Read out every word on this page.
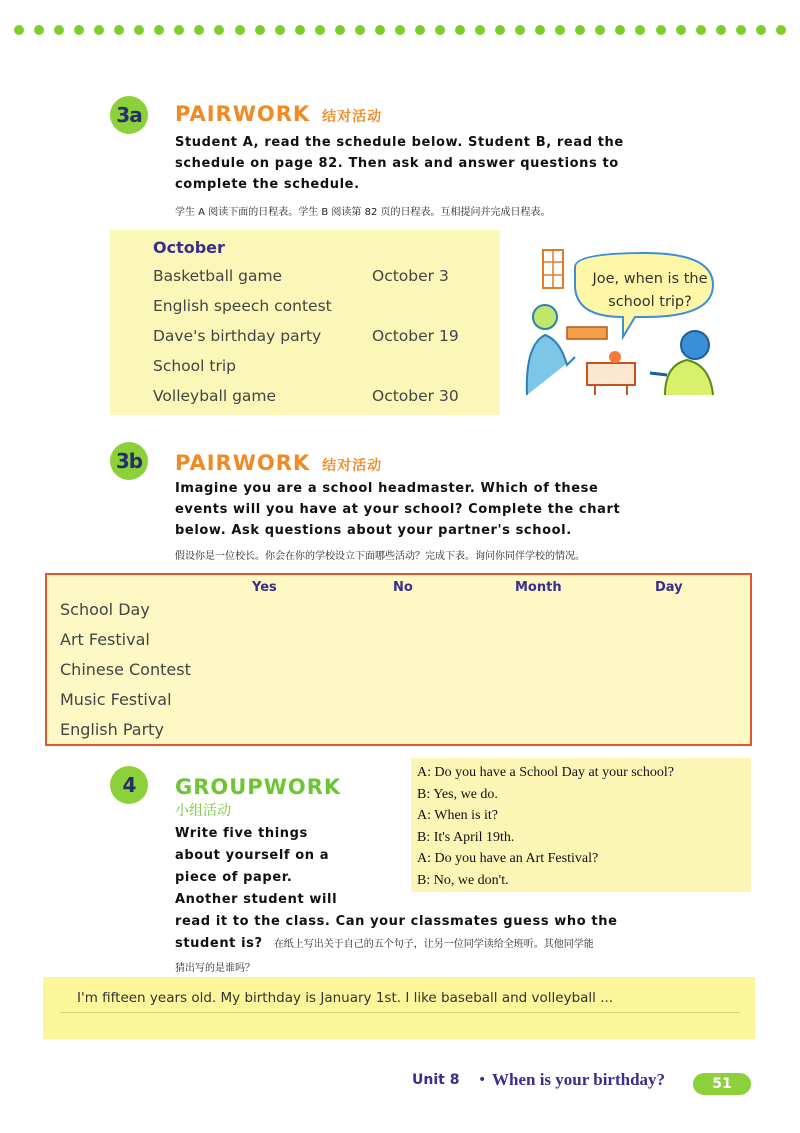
3a PAIRWORK 结对活动
Student A, read the schedule below. Student B, read the
schedule on page 82. Then ask and answer questions to
complete the schedule.
学生 A 阅读下面的日程表。学生 B 阅读第 82 页的日程表。互相提问并完成日程表。
October
Basketball game	October 3
English speech contest
Dave's birthday party	October 19
School trip
Volleyball game	October 30
Joe, when is the
school trip?
3b PAIRWORK 结对活动
Imagine you are a school headmaster. Which of these
events will you have at your school? Complete the chart
below. Ask questions about your partner's school.
假设你是一位校长。你会在你的学校设立下面哪些活动？完成下表。询问你同伴学校的情况。
Yes	No	Month	Day
School Day
Art Festival
Chinese Contest
Music Festival
English Party
4	GROUPWORK
小组活动
Write five things
about yourself on a
piece of paper.
Another student will
read it to the class. Can your classmates guess who the
student is? 在纸上写出关于自己的五个句子，让另一位同学读给全班听。其他同学能
猜出写的是谁吗？
A: Do you have a School Day at your school?
B: Yes, we do.
A: When is it?
B: It's April 19th.
A: Do you have an Art Festival?
B: No, we don't.
I'm fifteen years old. My birthday is January 1st. I like baseball and volleyball ...
Unit 8 • When is your birthday?	51
